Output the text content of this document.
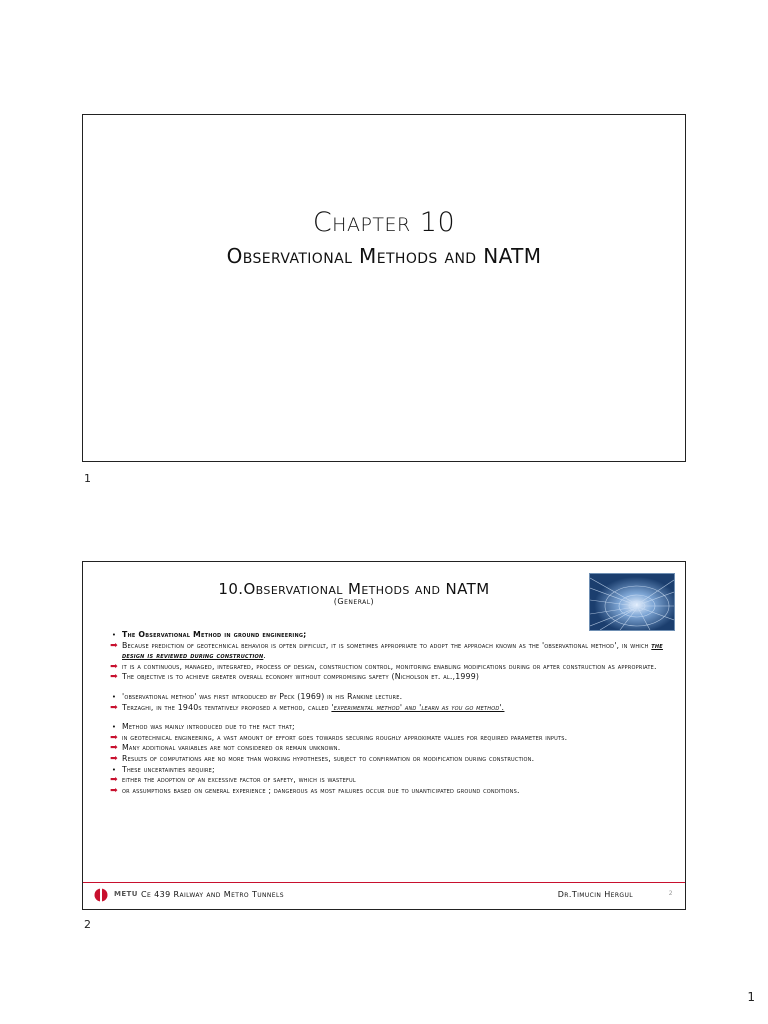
Chapter 10
Observational Methods and NATM
1
10.Observational Methods and NATM
(General)
• The Observational Method in ground engineering;
➡ Because prediction of geotechnical behavior is often difficult, it is sometimes appropriate to adopt the approach known as the 'observational method', in which the design is reviewed during construction.
➡ it is a continuous, managed, integrated, process of design, construction control, monitoring enabling modifications during or after construction as appropriate.
➡ The objective is to achieve greater overall economy without compromising safety (Nicholson et. al.,1999)
• 'observational method' was first introduced by Peck (1969) in his Rankine lecture.
➡ Terzaghi, in the 1940s tentatively proposed a method, called 'experimental method' and 'learn as you go method'.
• Method was mainly introduced due to the fact that;
➡ in geotechnical engineering, a vast amount of effort goes towards securing roughly approximate values for required parameter inputs.
➡ Many additional variables are not considered or remain unknown.
➡ Results of computations are no more than working hypotheses, subject to confirmation or modification during construction.
• These uncertainties require;
➡ either the adoption of an excessive factor of safety, which is wasteful
➡ or assumptions based on general experience ; dangerous as most failures occur due to unanticipated ground conditions.
METU Ce 439 Railway and Metro Tunnels	Dr.Timucin Hergul	2
2
1
